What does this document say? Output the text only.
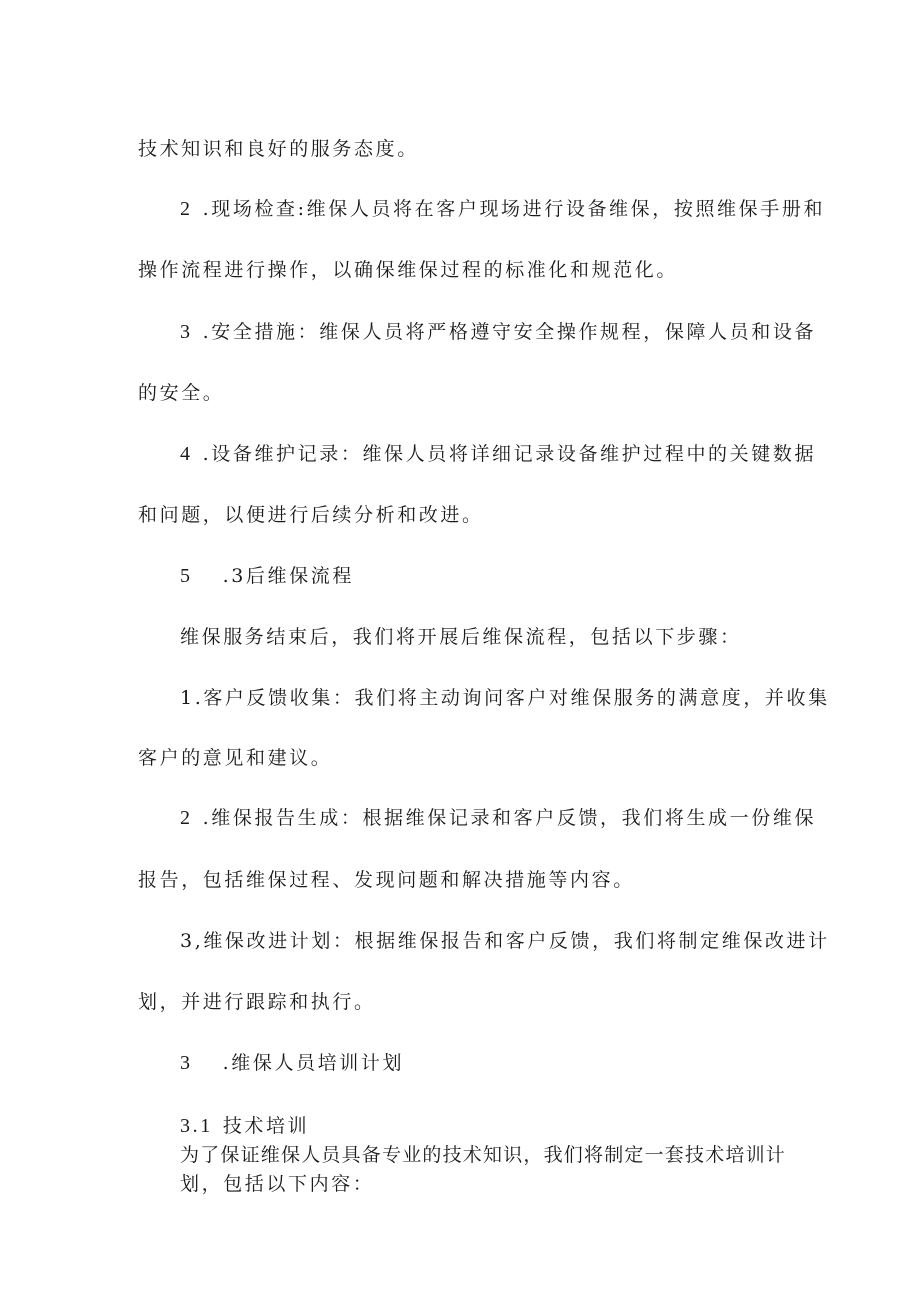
技术知识和良好的服务态度。
2 .现场检查:维保人员将在客户现场进行设备维保，按照维保手册和
操作流程进行操作，以确保维保过程的标准化和规范化。
3 .安全措施：维保人员将严格遵守安全操作规程，保障人员和设备
的安全。
4 .设备维护记录：维保人员将详细记录设备维护过程中的关键数据
和问题，以便进行后续分析和改进。
5 .3后维保流程
维保服务结束后，我们将开展后维保流程，包括以下步骤：
1.客户反馈收集：我们将主动询问客户对维保服务的满意度，并收集
客户的意见和建议。
2 .维保报告生成：根据维保记录和客户反馈，我们将生成一份维保
报告，包括维保过程、发现问题和解决措施等内容。
3,维保改进计划：根据维保报告和客户反馈，我们将制定维保改进计
划，并进行跟踪和执行。
3 .维保人员培训计划
3.1 技术培训
为了保证维保人员具备专业的技术知识，我们将制定一套技术培训计
划，包括以下内容：
